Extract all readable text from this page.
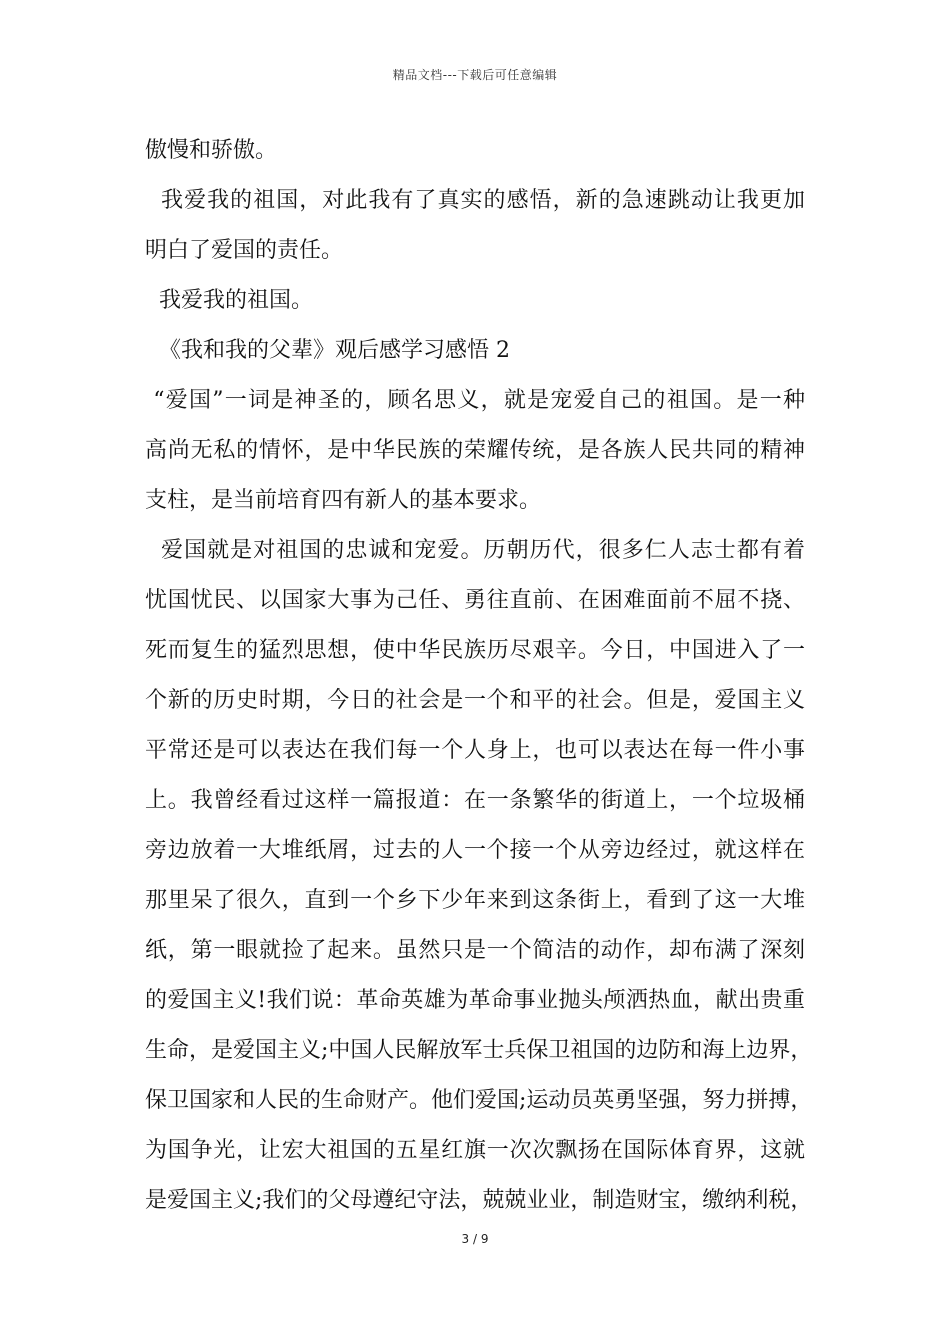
精品文档---下载后可任意编辑
傲慢和骄傲。
我爱我的祖国，对此我有了真实的感悟，新的急速跳动让我更加
明白了爱国的责任。
我爱我的祖国。
《我和我的父辈》观后感学习感悟 2
“爱国”一词是神圣的，顾名思义，就是宠爱自己的祖国。是一种
高尚无私的情怀，是中华民族的荣耀传统，是各族人民共同的精神
支柱，是当前培育四有新人的基本要求。
爱国就是对祖国的忠诚和宠爱。历朝历代，很多仁人志士都有着
忧国忧民、以国家大事为己任、勇往直前、在困难面前不屈不挠、
死而复生的猛烈思想，使中华民族历尽艰辛。今日，中国进入了一
个新的历史时期，今日的社会是一个和平的社会。但是，爱国主义
平常还是可以表达在我们每一个人身上，也可以表达在每一件小事
上。我曾经看过这样一篇报道：在一条繁华的街道上，一个垃圾桶
旁边放着一大堆纸屑，过去的人一个接一个从旁边经过，就这样在
那里呆了很久，直到一个乡下少年来到这条街上，看到了这一大堆
纸，第一眼就捡了起来。虽然只是一个简洁的动作，却布满了深刻
的爱国主义!我们说：革命英雄为革命事业抛头颅洒热血，献出贵重
生命，是爱国主义;中国人民解放军士兵保卫祖国的边防和海上边界，
保卫国家和人民的生命财产。他们爱国;运动员英勇坚强，努力拼搏，
为国争光，让宏大祖国的五星红旗一次次飘扬在国际体育界，这就
是爱国主义;我们的父母遵纪守法，兢兢业业，制造财宝，缴纳利税，
3 / 9
